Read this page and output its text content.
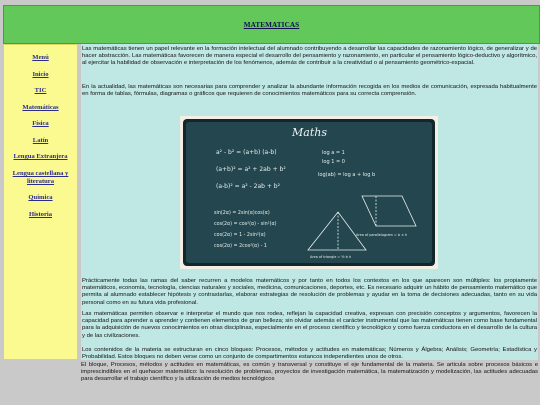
MATEMATICAS
Menú
Inicio
TIC
Matemáticas
Física
Latín
Lengua Extranjera
Lengua castellana y literatura
Química
Historia

Las matemáticas tienen un papel relevante en la formación intelectual del alumnado contribuyendo a desarrollar las capacidades de razonamiento lógico, de generalizar y de hacer abstracción. Las matemáticas favorecen de manera especial el desarrollo del pensamiento y razonamiento, en particular el pensamiento lógico-deductivo y algorítmico, al ejercitar la habilidad de observación e interpretación de los fenómenos, además de contribuir a la creatividad o al pensamiento geométrico-espacial.

En la actualidad, las matemáticas son necesarias para comprender y analizar la abundante información recogida en los medios de comunicación, expresada habitualmente en forma de tablas, fórmulas, diagramas o gráficos que requieren de conocimientos matemáticos para su correcta comprensión.

Maths
a² - b² = (a+b) (a-b)
(a+b)² = a² + 2ab + b²
(a-b)² = a² - 2ab + b²
sin(2α) = 2sin(α)cos(α)
cos(2α) = cos²(α) - sin²(α)
cos(2α) = 1 - 2sin²(α)
cos(2α) = 2cos²(α) - 1
log a = 1
log 1 = 0
log(ab) = log a + log b
Area of parallelogram = b × h
Area of triangle = ½ b h

Prácticamente todas las ramas del saber recurren a modelos matemáticos y por tanto en todos los contextos en los que aparecen son múltiples: los propiamente matemáticos, economía, tecnología, ciencias naturales y sociales, medicina, comunicaciones, deportes, etc. Es necesario adquirir un hábito de pensamiento matemático que permita al alumnado establecer hipótesis y contrastarlas, elaborar estrategias de resolución de problemas y ayudar en la toma de decisiones adecuadas, tanto en su vida personal como en su futura vida profesional.

Las matemáticas permiten observar e interpretar el mundo que nos rodea, reflejan la capacidad creativa, expresan con precisión conceptos y argumentos, favorecen la capacidad para aprender a aprender y contienen elementos de gran belleza; sin olvidar además el carácter instrumental que las matemáticas tienen como base fundamental para la adquisición de nuevos conocimientos en otras disciplinas, especialmente en el proceso científico y tecnológico y como fuerza conductora en el desarrollo de la cultura y de las civilizaciones.

Los contenidos de la materia se estructuran en cinco bloques: Procesos, métodos y actitudes en matemáticas; Números y Álgebra; Análisis; Geometría; Estadística y Probabilidad. Estos bloques no deben verse como un conjunto de compartimentos estancos independientes unos de otros.

El bloque, Procesos, métodos y actitudes en matemáticas, es común y transversal y constituye el eje fundamental de la materia. Se articula sobre procesos básicos e imprescindibles en el quehacer matemático: la resolución de problemas, proyectos de investigación matemática, la matematización y modelización, las actitudes adecuadas para desarrollar el trabajo científico y la utilización de medios tecnológicos
